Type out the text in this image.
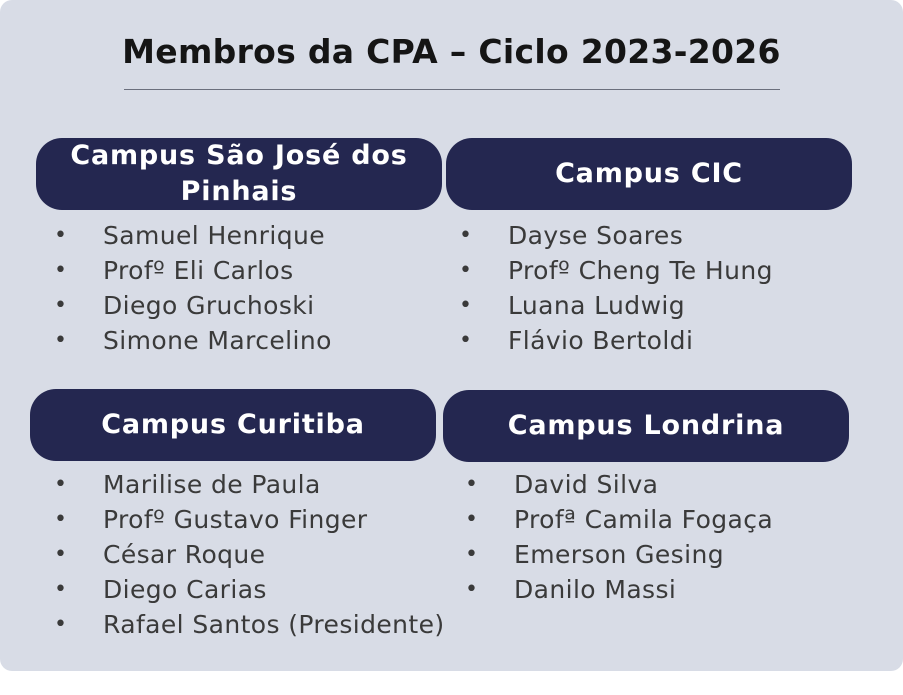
Membros da CPA – Ciclo 2023-2026
Campus São José dos Pinhais
• Samuel Henrique
• Profº Eli Carlos
• Diego Gruchoski
• Simone Marcelino
Campus CIC
• Dayse Soares
• Profº Cheng Te Hung
• Luana Ludwig
• Flávio Bertoldi
Campus Curitiba
• Marilise de Paula
• Profº Gustavo Finger
• César Roque
• Diego Carias
• Rafael Santos (Presidente)
Campus Londrina
• David Silva
• Profª Camila Fogaça
• Emerson Gesing
• Danilo Massi
